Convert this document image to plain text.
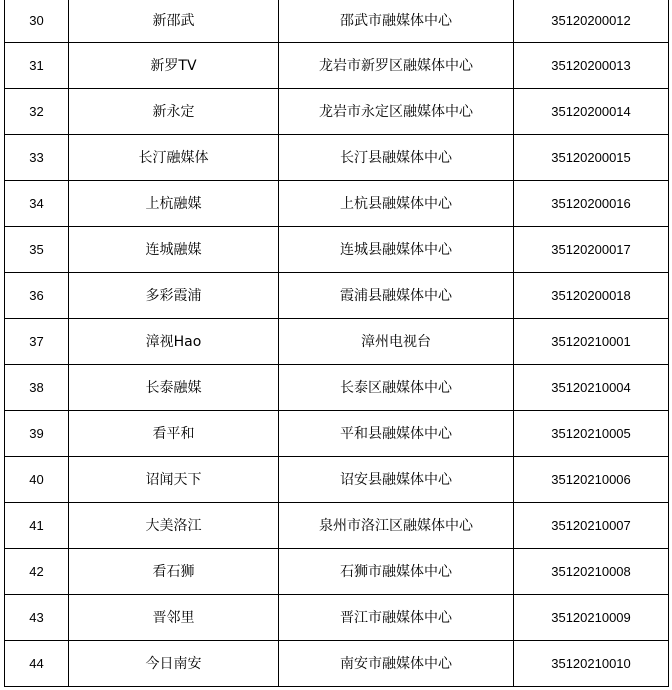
30	新邵武	邵武市融媒体中心	35120200012
31	新罗TV	龙岩市新罗区融媒体中心	35120200013
32	新永定	龙岩市永定区融媒体中心	35120200014
33	长汀融媒体	长汀县融媒体中心	35120200015
34	上杭融媒	上杭县融媒体中心	35120200016
35	连城融媒	连城县融媒体中心	35120200017
36	多彩霞浦	霞浦县融媒体中心	35120200018
37	漳视Hao	漳州电视台	35120210001
38	长泰融媒	长泰区融媒体中心	35120210004
39	看平和	平和县融媒体中心	35120210005
40	诏闻天下	诏安县融媒体中心	35120210006
41	大美洛江	泉州市洛江区融媒体中心	35120210007
42	看石狮	石狮市融媒体中心	35120210008
43	晋邻里	晋江市融媒体中心	35120210009
44	今日南安	南安市融媒体中心	35120210010
